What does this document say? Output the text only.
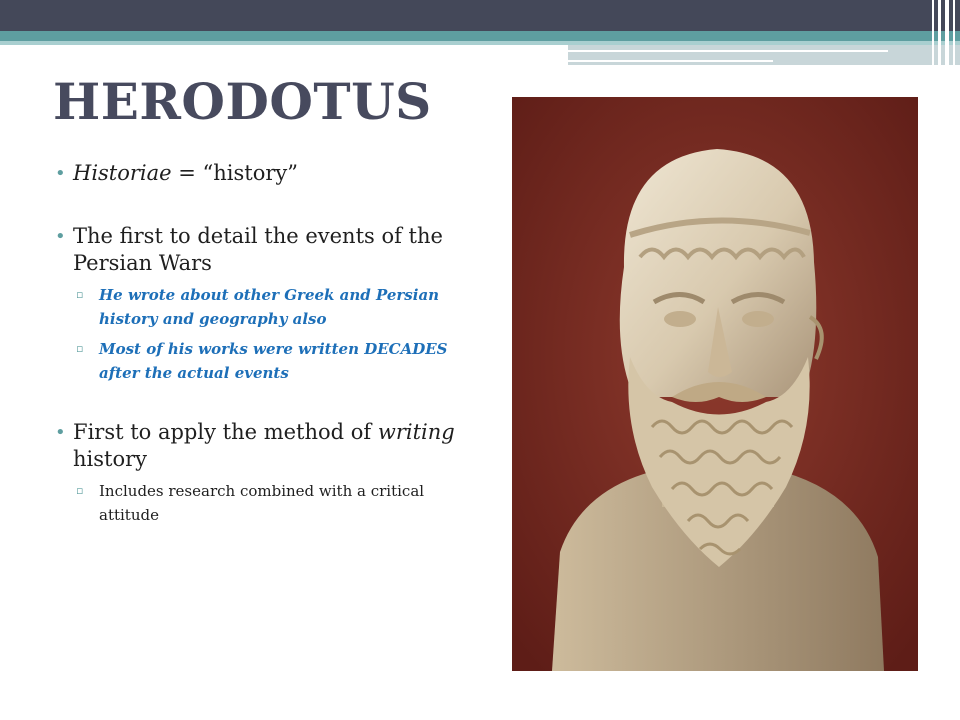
HERODOTUS
• Historiae = “history”
• The first to detail the events of the Persian Wars
▫ He wrote about other Greek and Persian history and geography also
▫ Most of his works were written DECADES after the actual events
• First to apply the method of writing history
▫ Includes research combined with a critical attitude
